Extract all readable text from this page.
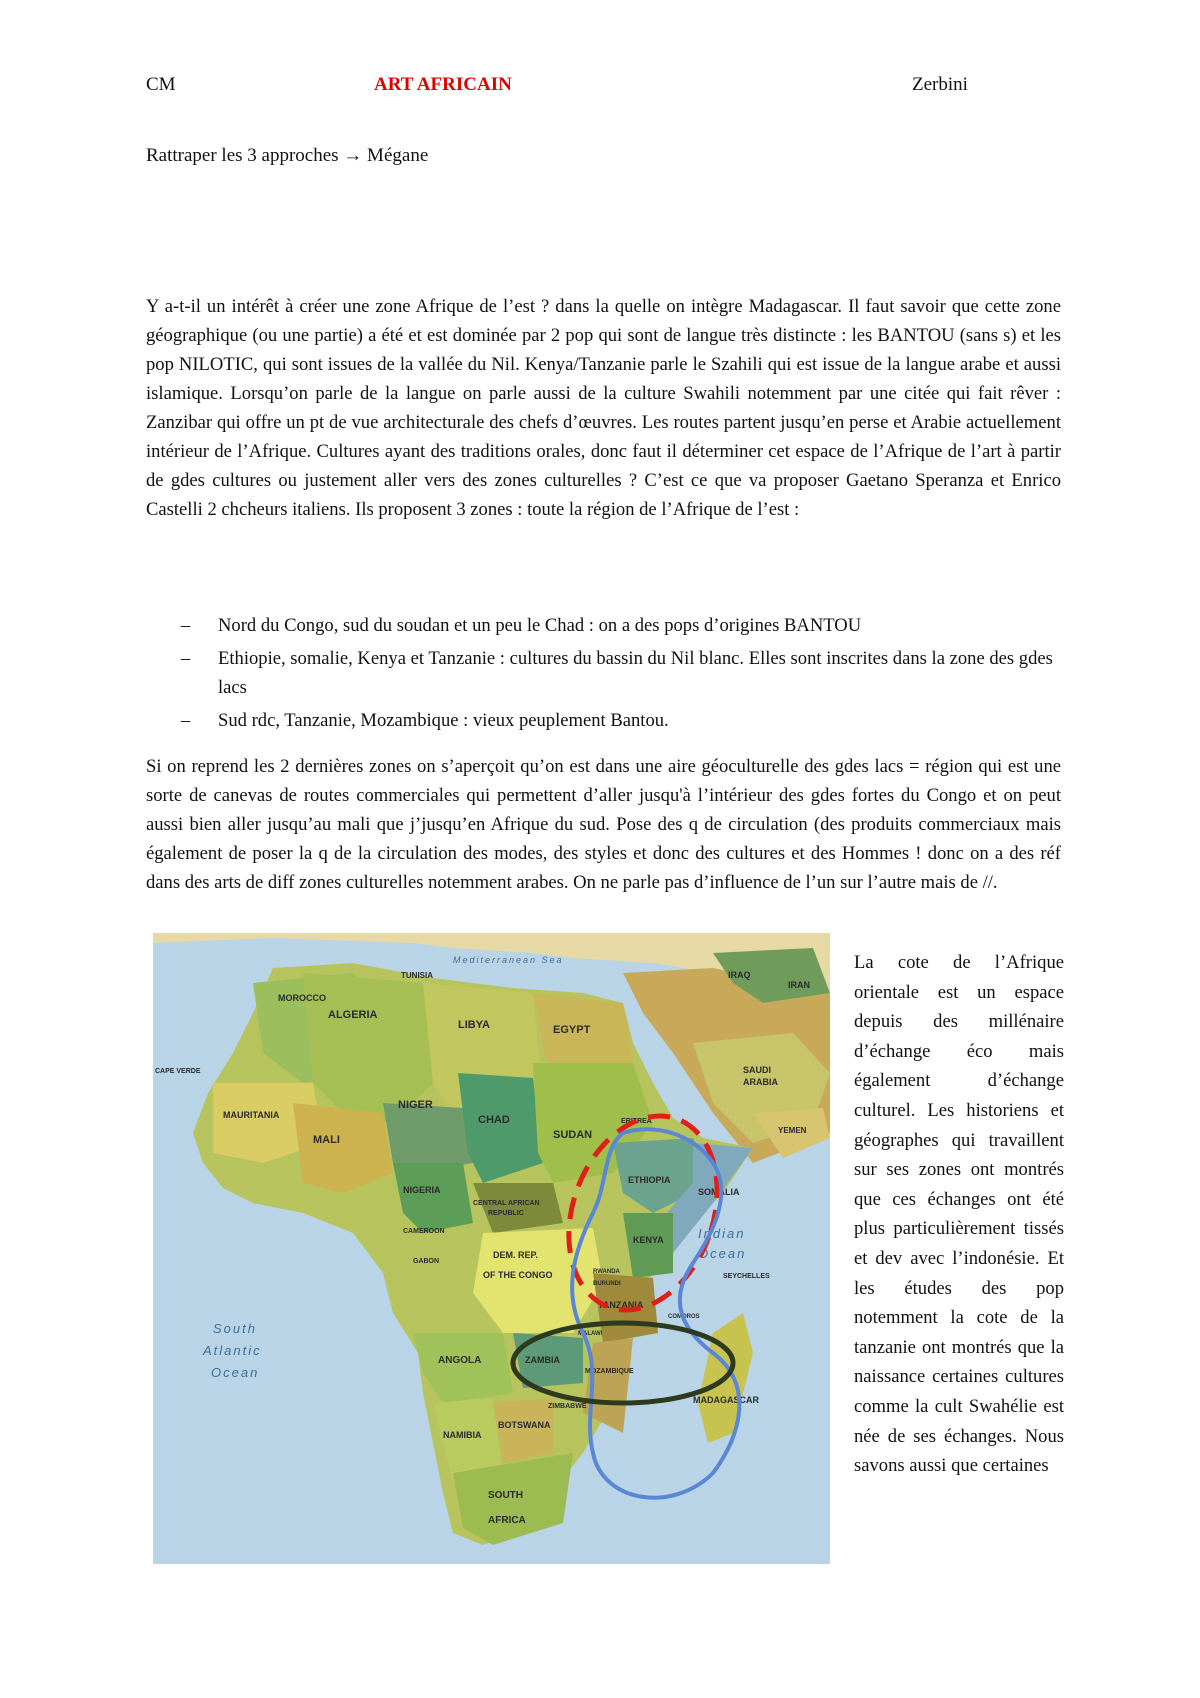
CM	ART AFRICAIN	Zerbini
Rattraper les 3 approches → Mégane

Y a-t-il un intérêt à créer une zone Afrique de l’est ? dans la quelle on intègre Madagascar. Il faut savoir que cette zone géographique (ou une partie) a été et est dominée par 2 pop qui sont de langue très distincte : les BANTOU (sans s) et les pop NILOTIC, qui sont issues de la vallée du Nil. Kenya/Tanzanie parle le Szahili qui est issue de la langue arabe et aussi islamique. Lorsqu’on parle de la langue on parle aussi de la culture Swahili notemment par une citée qui fait rêver : Zanzibar qui offre un pt de vue architecturale des chefs d’œuvres. Les routes partent jusqu’en perse et Arabie actuellement intérieur de l’Afrique. Cultures ayant des traditions orales, donc faut il déterminer cet espace de l’Afrique de l’art à partir de gdes cultures ou justement aller vers des zones culturelles ? C’est ce que va proposer Gaetano Speranza et Enrico Castelli 2 chcheurs italiens. Ils proposent 3 zones : toute la région de l’Afrique de l’est :

– Nord du Congo, sud du soudan et un peu le Chad : on a des pops d’origines BANTOU
– Ethiopie, somalie, Kenya et Tanzanie : cultures du bassin du Nil blanc. Elles sont inscrites dans la zone des gdes lacs
– Sud rdc, Tanzanie, Mozambique : vieux peuplement Bantou.

Si on reprend les 2 dernières zones on s’aperçoit qu’on est dans une aire géoculturelle des gdes lacs = région qui est une sorte de canevas de routes commerciales qui permettent d’aller jusqu'à l’intérieur des gdes fortes du Congo et on peut aussi bien aller jusqu’au mali que j’jusqu’en Afrique du sud. Pose des q de circulation (des produits commerciaux mais également de poser la q de la circulation des modes, des styles et donc des cultures et des Hommes ! donc on a des réf dans des arts de diff zones culturelles notemment arabes. On ne parle pas d’influence de l’un sur l’autre mais de //.

ALGERIA
LIBYA	EGYPT
CHAD
NIGER
MALI
MAURITANIA
SUDAN
ETHIOPIA
SOMALIA
KENYA
TANZANIA
DEM. REP.
OF THE CONGO
ANGOLA	ZAMBIA
NAMIBIA
BOTSWANA
SOUTH
AFRICA
MADAGASCAR
NIGERIA
CENTRAL AFRICAN
REPUBLIC
MOROCCO
TUNISIA
SAUDI
ARABIA
YEMEN
IRAQ
IRAN
CAMEROON
GABON
ZIMBABWE
MOZAMBIQUE
ERITREA
CAPE VERDE
SEYCHELLES
COMOROS
MALAWI
BURUNDI
RWANDA
South
Atlantic
Ocean
Indian
Ocean
Mediterranean Sea	La cote de l’Afrique orientale est un espace depuis des millénaire d’échange éco mais également d’échange culturel. Les historiens et géographes qui travaillent sur ses zones ont montrés que ces échanges ont été plus particulièrement tissés et dev avec l’indonésie. Et les études des pop notemment la cote de la tanzanie ont montrés que la naissance certaines cultures comme la cult Swahélie est née de ses échanges. Nous savons aussi que certaines
